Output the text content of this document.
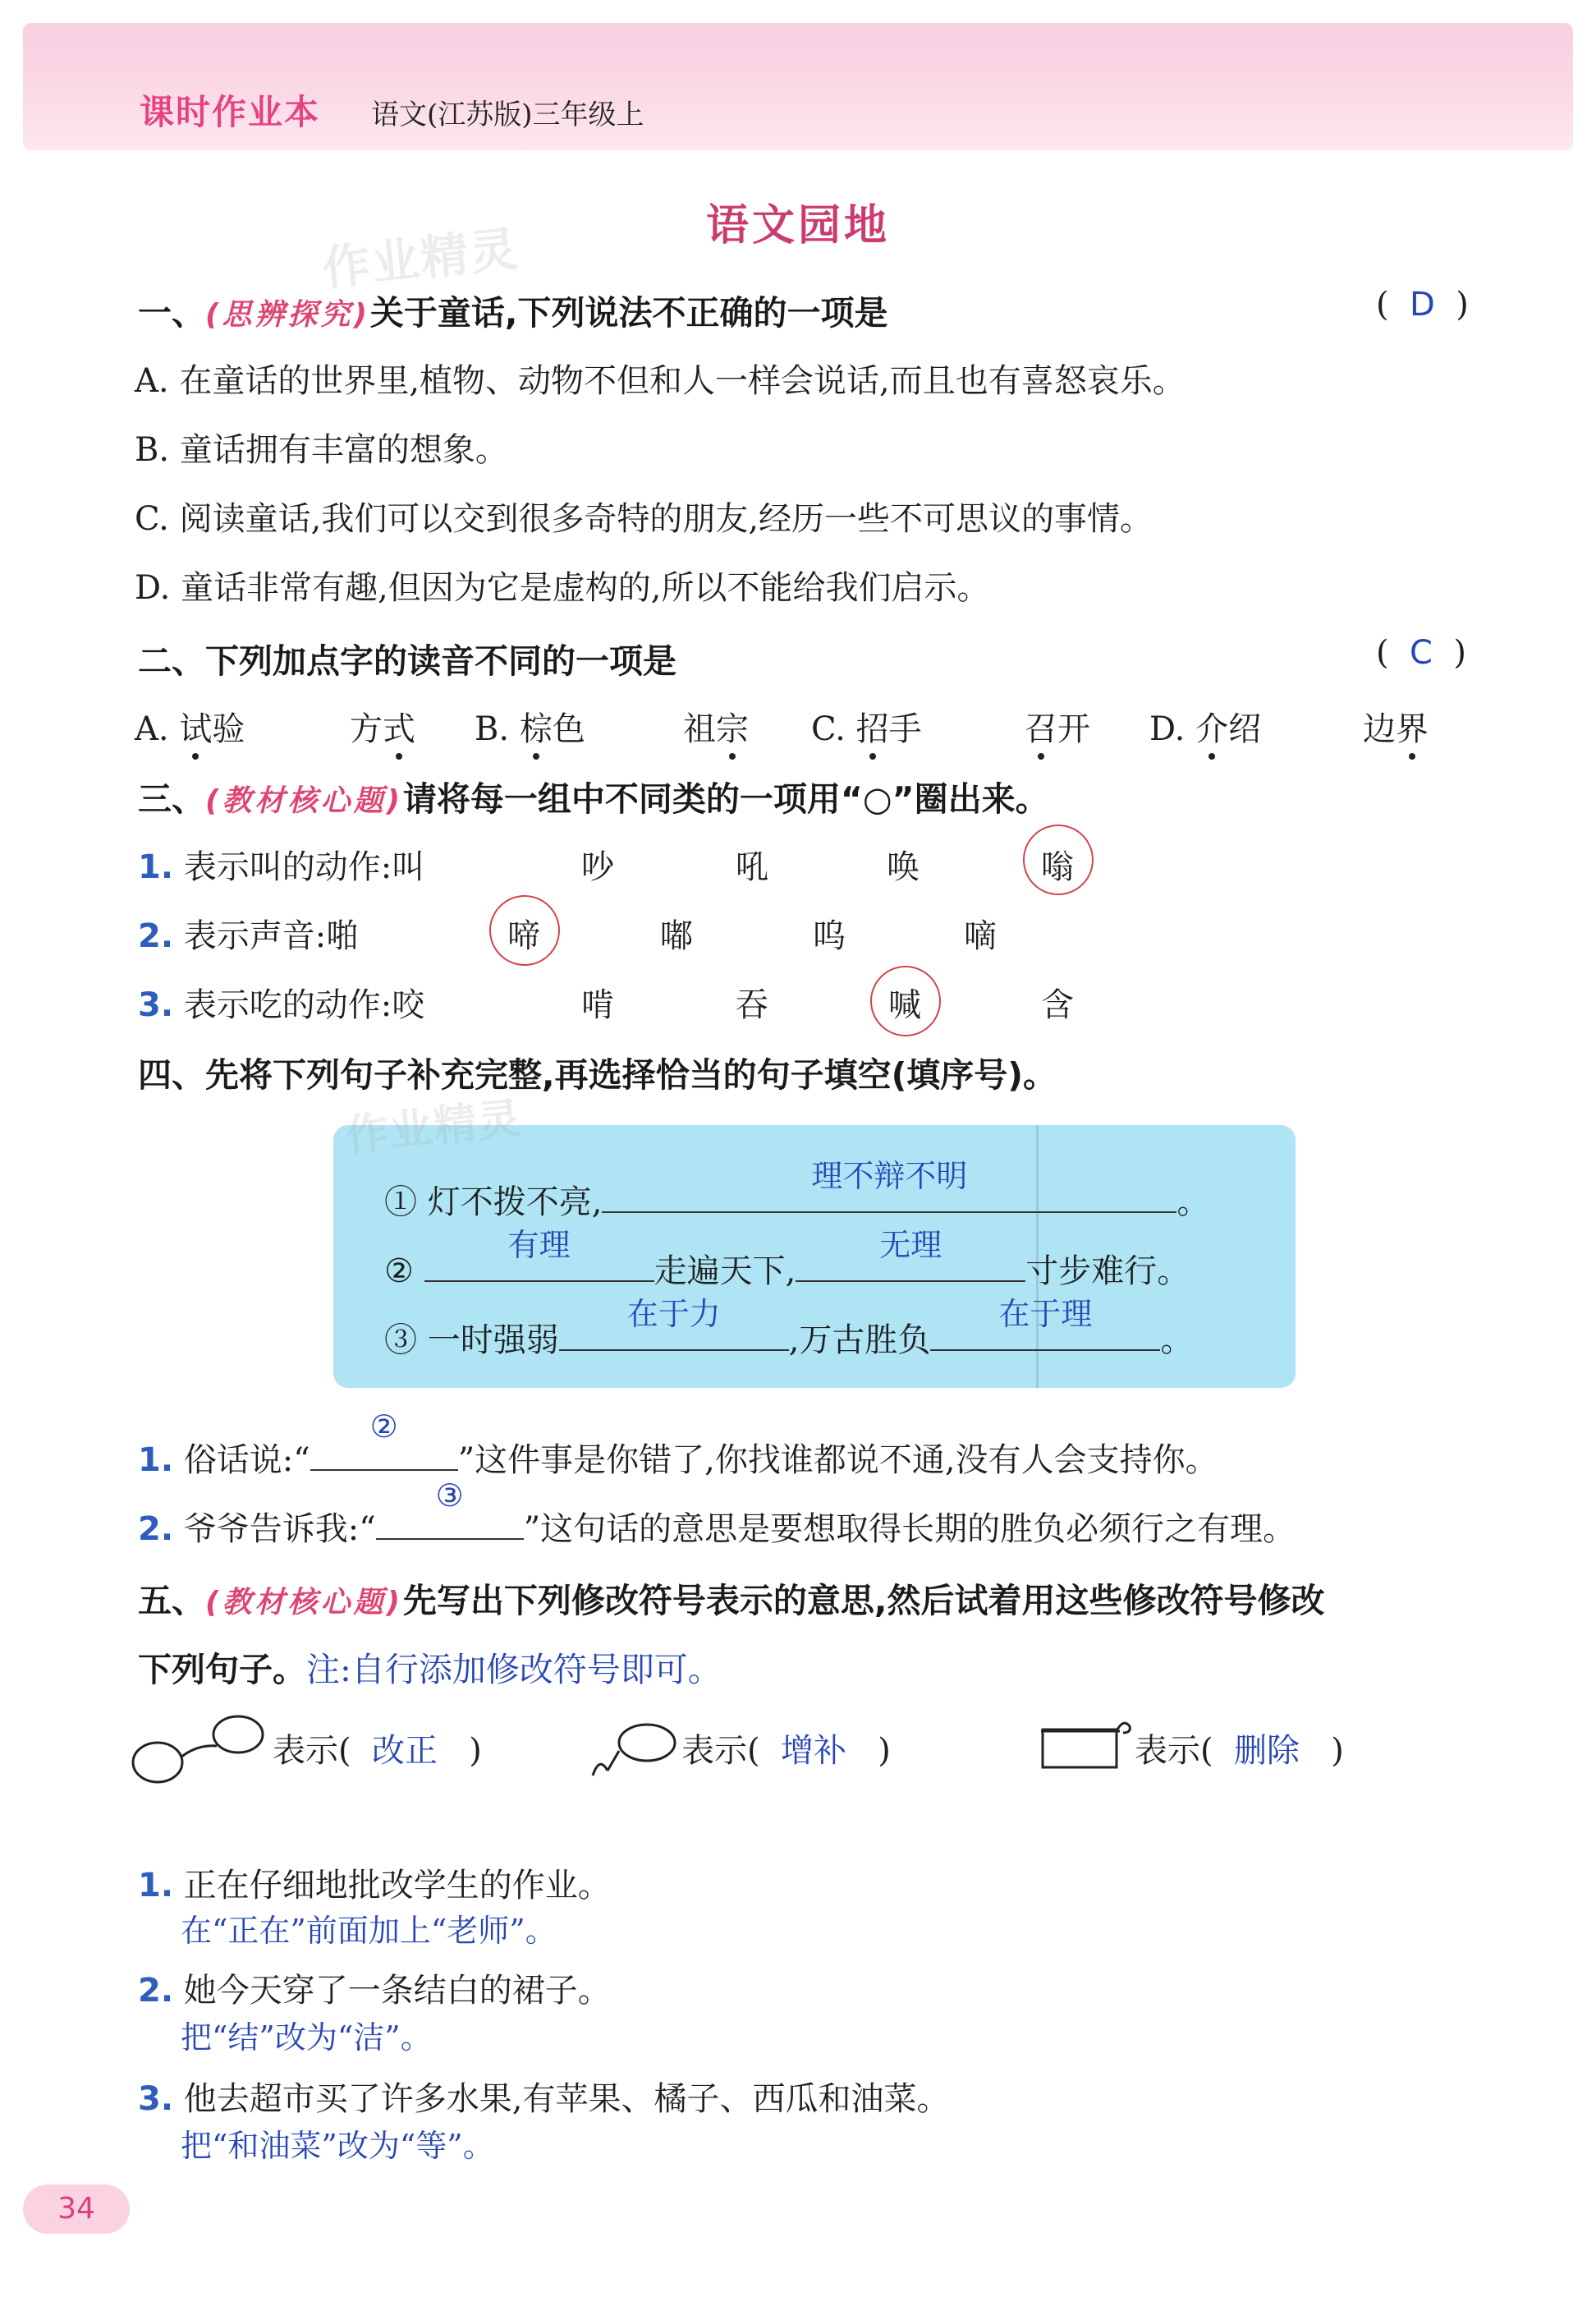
课时作业本 语文(江苏版)三年级上
作业精灵	语文园地
一、(思辨探究)关于童话,下列说法不正确的一项是	(  D  )
A. 在童话的世界里,植物、动物不但和人一样会说话,而且也有喜怒哀乐。
B. 童话拥有丰富的想象。
C. 阅读童话,我们可以交到很多奇特的朋友,经历一些不可思议的事情。
D. 童话非常有趣,但因为它是虚构的,所以不能给我们启示。
二、下列加点字的读音不同的一项是	(  C  )
A. 试验	方式 B. 棕色	祖宗 C. 招手	召开 D. 介绍	边界
三、(教材核心题)请将每一组中不同类的一项用“○”圈出来。
1. 表示叫的动作:叫	吵	吼	唤	嗡
2. 表示声音:啪	啼	嘟	呜	嘀
3. 表示吃的动作:咬	啃	吞	喊	含
四、先将下列句子补充完整,再选择恰当的句子填空(填序号)。
作业精灵
① 灯不拨不亮,
理不辩不明
。
②
有理
走遍天下,
无理
寸步难行。
③ 一时强弱
在于力
,万古胜负
在于理
。
1. 俗话说:“
②
”这件事是你错了,你找谁都说不通,没有人会支持你。
2. 爷爷告诉我:“
③
”这句话的意思是要想取得长期的胜负必须行之有理。
五、(教材核心题)先写出下列修改符号表示的意思,然后试着用这些修改符号修改
下列句子。注:自行添加修改符号即可。
表示( 改正 )	表示( 增补 )	表示( 删除 )
1. 正在仔细地批改学生的作业。
在“正在”前面加上“老师”。
2. 她今天穿了一条结白的裙子。
把“结”改为“洁”。
3. 他去超市买了许多水果,有苹果、橘子、西瓜和油菜。
把“和油菜”改为“等”。
34
